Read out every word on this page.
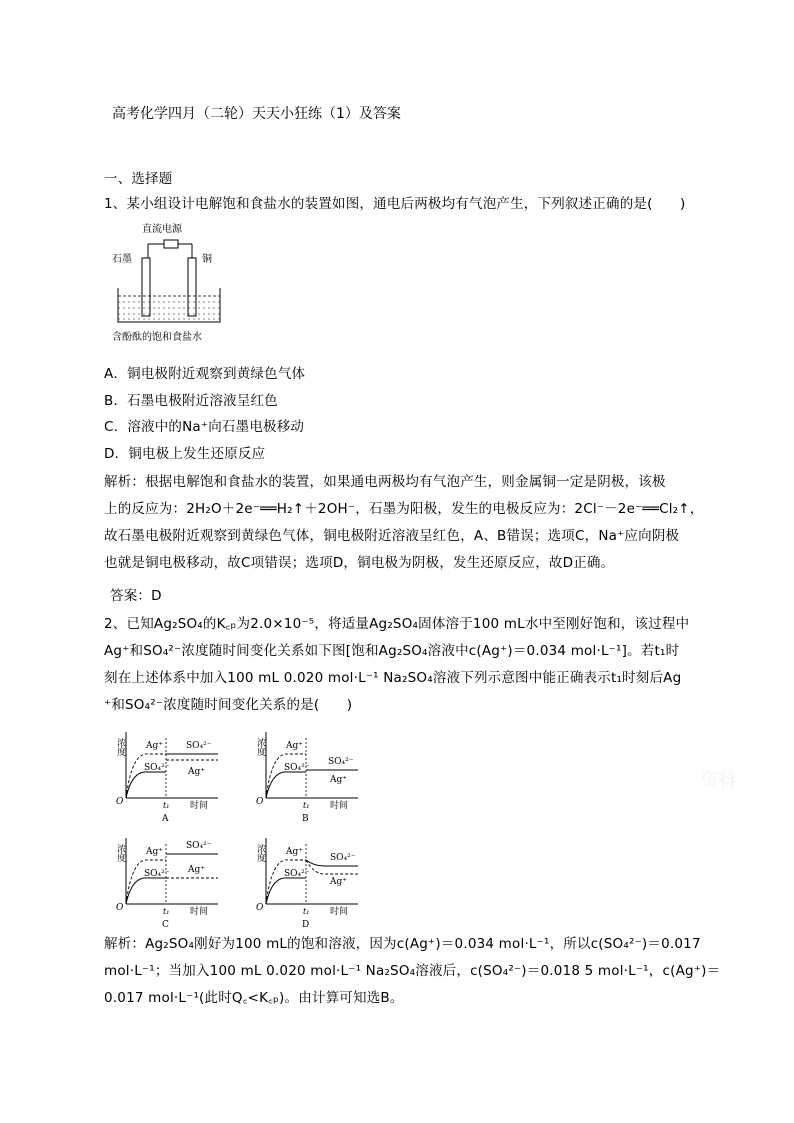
高考化学四月（二轮）天天小狂练（1）及答案
一、选择题
1、某小组设计电解饱和食盐水的装置如图，通电后两极均有气泡产生，下列叙述正确的是(　　)
直流电源
石墨	铜
含酚酞的饱和食盐水
A．铜电极附近观察到黄绿色气体
B．石墨电极附近溶液呈红色
C．溶液中的Na⁺向石墨电极移动
D．铜电极上发生还原反应
解析：根据电解饱和食盐水的装置，如果通电两极均有气泡产生，则金属铜一定是阴极，该极
上的反应为：2H₂O＋2e⁻══H₂↑＋2OH⁻，石墨为阳极，发生的电极反应为：2Cl⁻－2e⁻══Cl₂↑，
故石墨电极附近观察到黄绿色气体，铜电极附近溶液呈红色，A、B错误；选项C，Na⁺应向阴极
也就是铜电极移动，故C项错误；选项D，铜电极为阴极，发生还原反应，故D正确。
答案：D
2、已知Ag₂SO₄的K꜀ₚ为2.0×10⁻⁵，将适量Ag₂SO₄固体溶于100 mL水中至刚好饱和，该过程中
Ag⁺和SO₄²⁻浓度随时间变化关系如下图[饱和Ag₂SO₄溶液中c(Ag⁺)＝0.034 mol·L⁻¹]。若t₁时
刻在上述体系中加入100 mL 0.020 mol·L⁻¹ Na₂SO₄溶液下列示意图中能正确表示t₁时刻后Ag
⁺和SO₄²⁻浓度随时间变化关系的是(　　)
浓度
O
Ag⁺
SO₄²⁻
SO₄²⁻
Ag⁺
t₁ 时间
A
浓度
O
Ag⁺
SO₄²⁻
SO₄²⁻
Ag⁺
t₁ 时间
B
浓度
O
Ag⁺
SO₄²⁻
SO₄²⁻
Ag⁺
t₁ 时间
C
浓度
O
Ag⁺
SO₄²⁻
SO₄²⁻
Ag⁺
t₁ 时间
D
资料
解析：Ag₂SO₄刚好为100 mL的饱和溶液，因为c(Ag⁺)＝0.034 mol·L⁻¹，所以c(SO₄²⁻)＝0.017
mol·L⁻¹；当加入100 mL 0.020 mol·L⁻¹ Na₂SO₄溶液后，c(SO₄²⁻)＝0.018 5 mol·L⁻¹，c(Ag⁺)＝
0.017 mol·L⁻¹(此时Q꜀<K꜀ₚ)。由计算可知选B。
